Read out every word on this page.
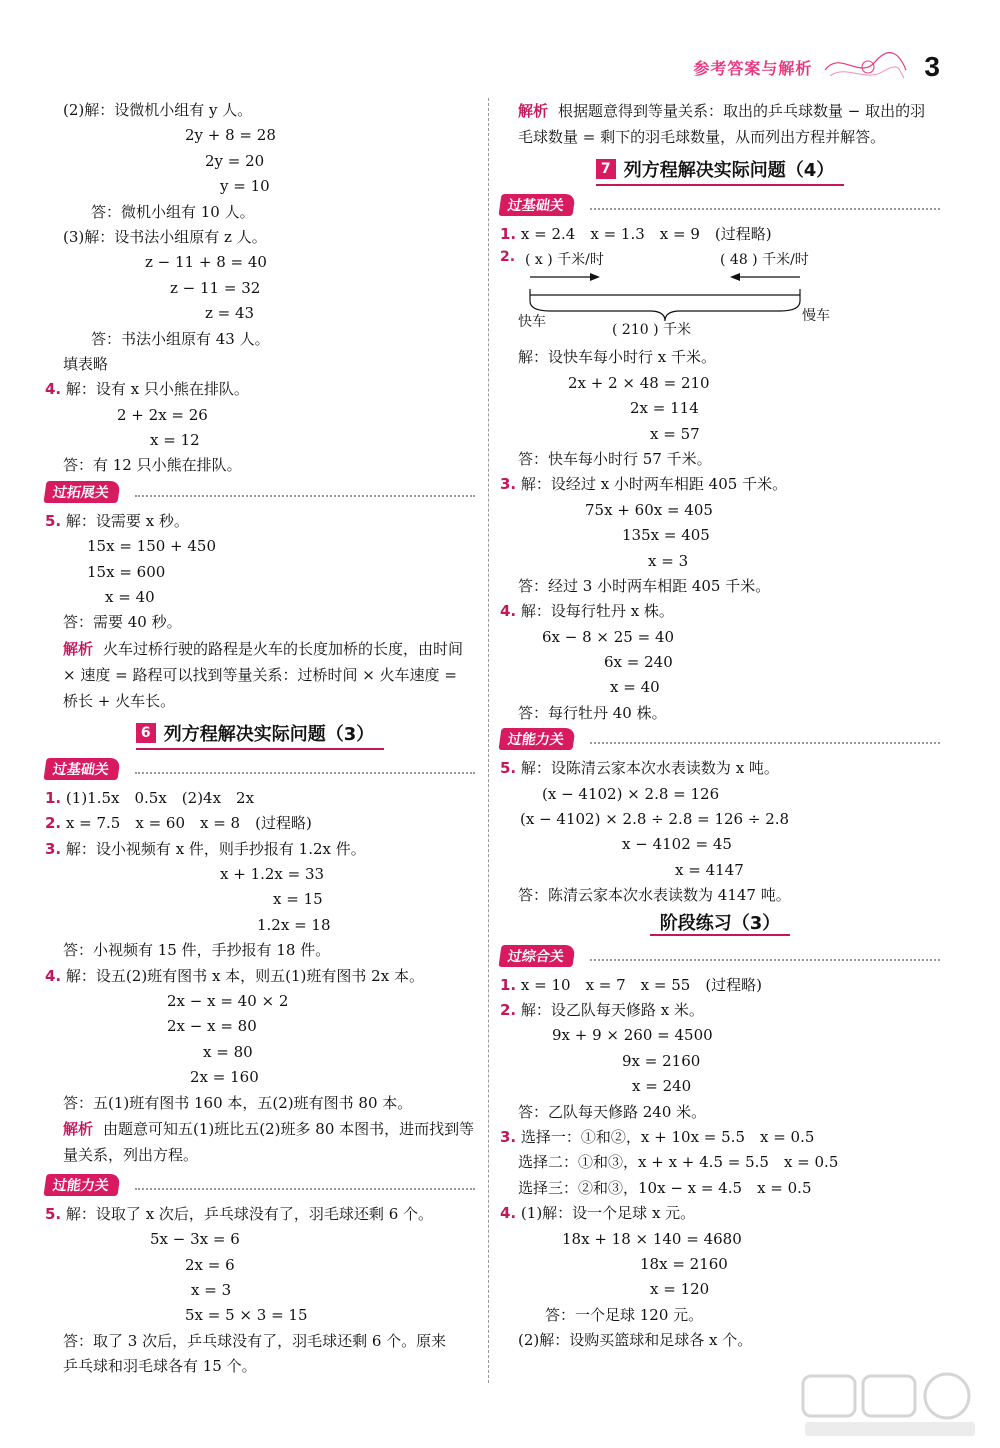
参考答案与解析	3
(2)解：设微机小组有 y 人。
2y + 8 = 28
2y = 20
y = 10
答：微机小组有 10 人。
(3)解：设书法小组原有 z 人。
z − 11 + 8 = 40
z − 11 = 32
z = 43
答：书法小组原有 43 人。
填表略
4. 解：设有 x 只小熊在排队。
2 + 2x = 26
x = 12
答：有 12 只小熊在排队。
过拓展关
5. 解：设需要 x 秒。
15x = 150 + 450
15x = 600
x = 40
答：需要 40 秒。
解析 火车过桥行驶的路程是火车的长度加桥的长度，由时间 × 速度 = 路程可以找到等量关系：过桥时间 × 火车速度 = 桥长 + 火车长。
6 列方程解决实际问题（3）
过基础关
1. (1)1.5x　0.5x　(2)4x　2x
2. x = 7.5　x = 60　x = 8　(过程略)
3. 解：设小视频有 x 件，则手抄报有 1.2x 件。
x + 1.2x = 33
x = 15
1.2x = 18
答：小视频有 15 件，手抄报有 18 件。
4. 解：设五(2)班有图书 x 本，则五(1)班有图书 2x 本。
2x − x = 40 × 2
2x − x = 80
x = 80
2x = 160
答：五(1)班有图书 160 本，五(2)班有图书 80 本。
解析 由题意可知五(1)班比五(2)班多 80 本图书，进而找到等量关系，列出方程。
过能力关
5. 解：设取了 x 次后，乒乓球没有了，羽毛球还剩 6 个。
5x − 3x = 6
2x = 6
x = 3
5x = 5 × 3 = 15
答：取了 3 次后，乒乓球没有了，羽毛球还剩 6 个。原来
乒乓球和羽毛球各有 15 个。
解析 根据题意得到等量关系：取出的乒乓球数量 − 取出的羽毛球数量 = 剩下的羽毛球数量，从而列出方程并解答。
7 列方程解决实际问题（4）
过基础关
1. x = 2.4　x = 1.3　x = 9　(过程略)
2. ( x ) 千米/时	( 48 ) 千米/时
快车	( 210 ) 千米
慢车
解：设快车每小时行 x 千米。
2x + 2 × 48 = 210
2x = 114
x = 57
答：快车每小时行 57 千米。
3. 解：设经过 x 小时两车相距 405 千米。
75x + 60x = 405
135x = 405
x = 3
答：经过 3 小时两车相距 405 千米。
4. 解：设每行牡丹 x 株。
6x − 8 × 25 = 40
6x = 240
x = 40
答：每行牡丹 40 株。
过能力关
5. 解：设陈清云家本次水表读数为 x 吨。
(x − 4102) × 2.8 = 126
(x − 4102) × 2.8 ÷ 2.8 = 126 ÷ 2.8
x − 4102 = 45
x = 4147
答：陈清云家本次水表读数为 4147 吨。
阶段练习（3）
过综合关
1. x = 10　x = 7　x = 55　(过程略)
2. 解：设乙队每天修路 x 米。
9x + 9 × 260 = 4500
9x = 2160
x = 240
答：乙队每天修路 240 米。
3. 选择一：①和②，x + 10x = 5.5　x = 0.5
选择二：①和③，x + x + 4.5 = 5.5　x = 0.5
选择三：②和③，10x − x = 4.5　x = 0.5
4. (1)解：设一个足球 x 元。
18x + 18 × 140 = 4680
18x = 2160
x = 120
答：一个足球 120 元。
(2)解：设购买篮球和足球各 x 个。
